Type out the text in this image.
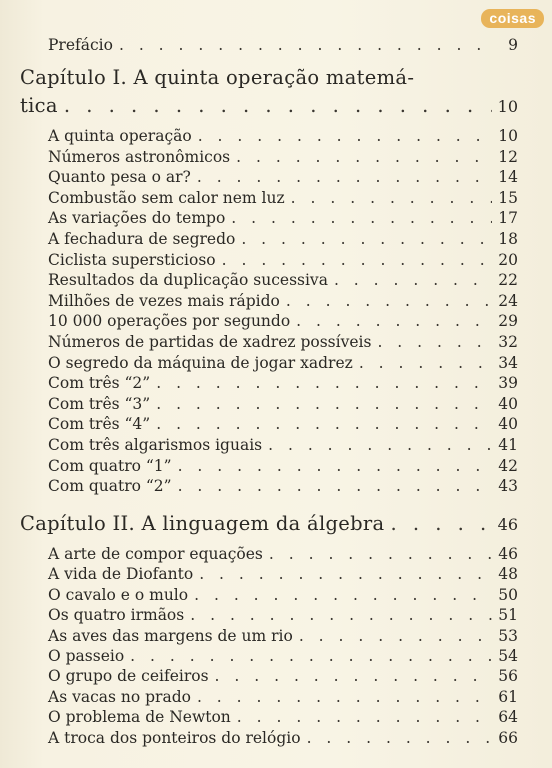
coisas
Prefácio . . .	9
Capítulo I. A quinta operação matemá-
tica . . .	10
A quinta operação . . .	10
Números astronômicos . . .	12
Quanto pesa o ar? . . .	14
Combustão sem calor nem luz . . .	15
As variações do tempo . . .	17
A fechadura de segredo . . .	18
Ciclista supersticioso . . .	20
Resultados da duplicação sucessiva . . .	22
Milhões de vezes mais rápido . . .	24
10 000 operações por segundo . . .	29
Números de partidas de xadrez possíveis . . .	32
O segredo da máquina de jogar xadrez . . .	34
Com três “2” . . .	39
Com três “3” . . .	40
Com três “4” . . .	40
Com três algarismos iguais . . .	41
Com quatro “1” . . .	42
Com quatro “2” . . .	43
Capítulo II. A linguagem da álgebra . . .	46
A arte de compor equações . . .	46
A vida de Diofanto . . .	48
O cavalo e o mulo . . .	50
Os quatro irmãos . . .	51
As aves das margens de um rio . . .	53
O passeio . . .	54
O grupo de ceifeiros . . .	56
As vacas no prado . . .	61
O problema de Newton . . .	64
A troca dos ponteiros do relógio . . .	66
